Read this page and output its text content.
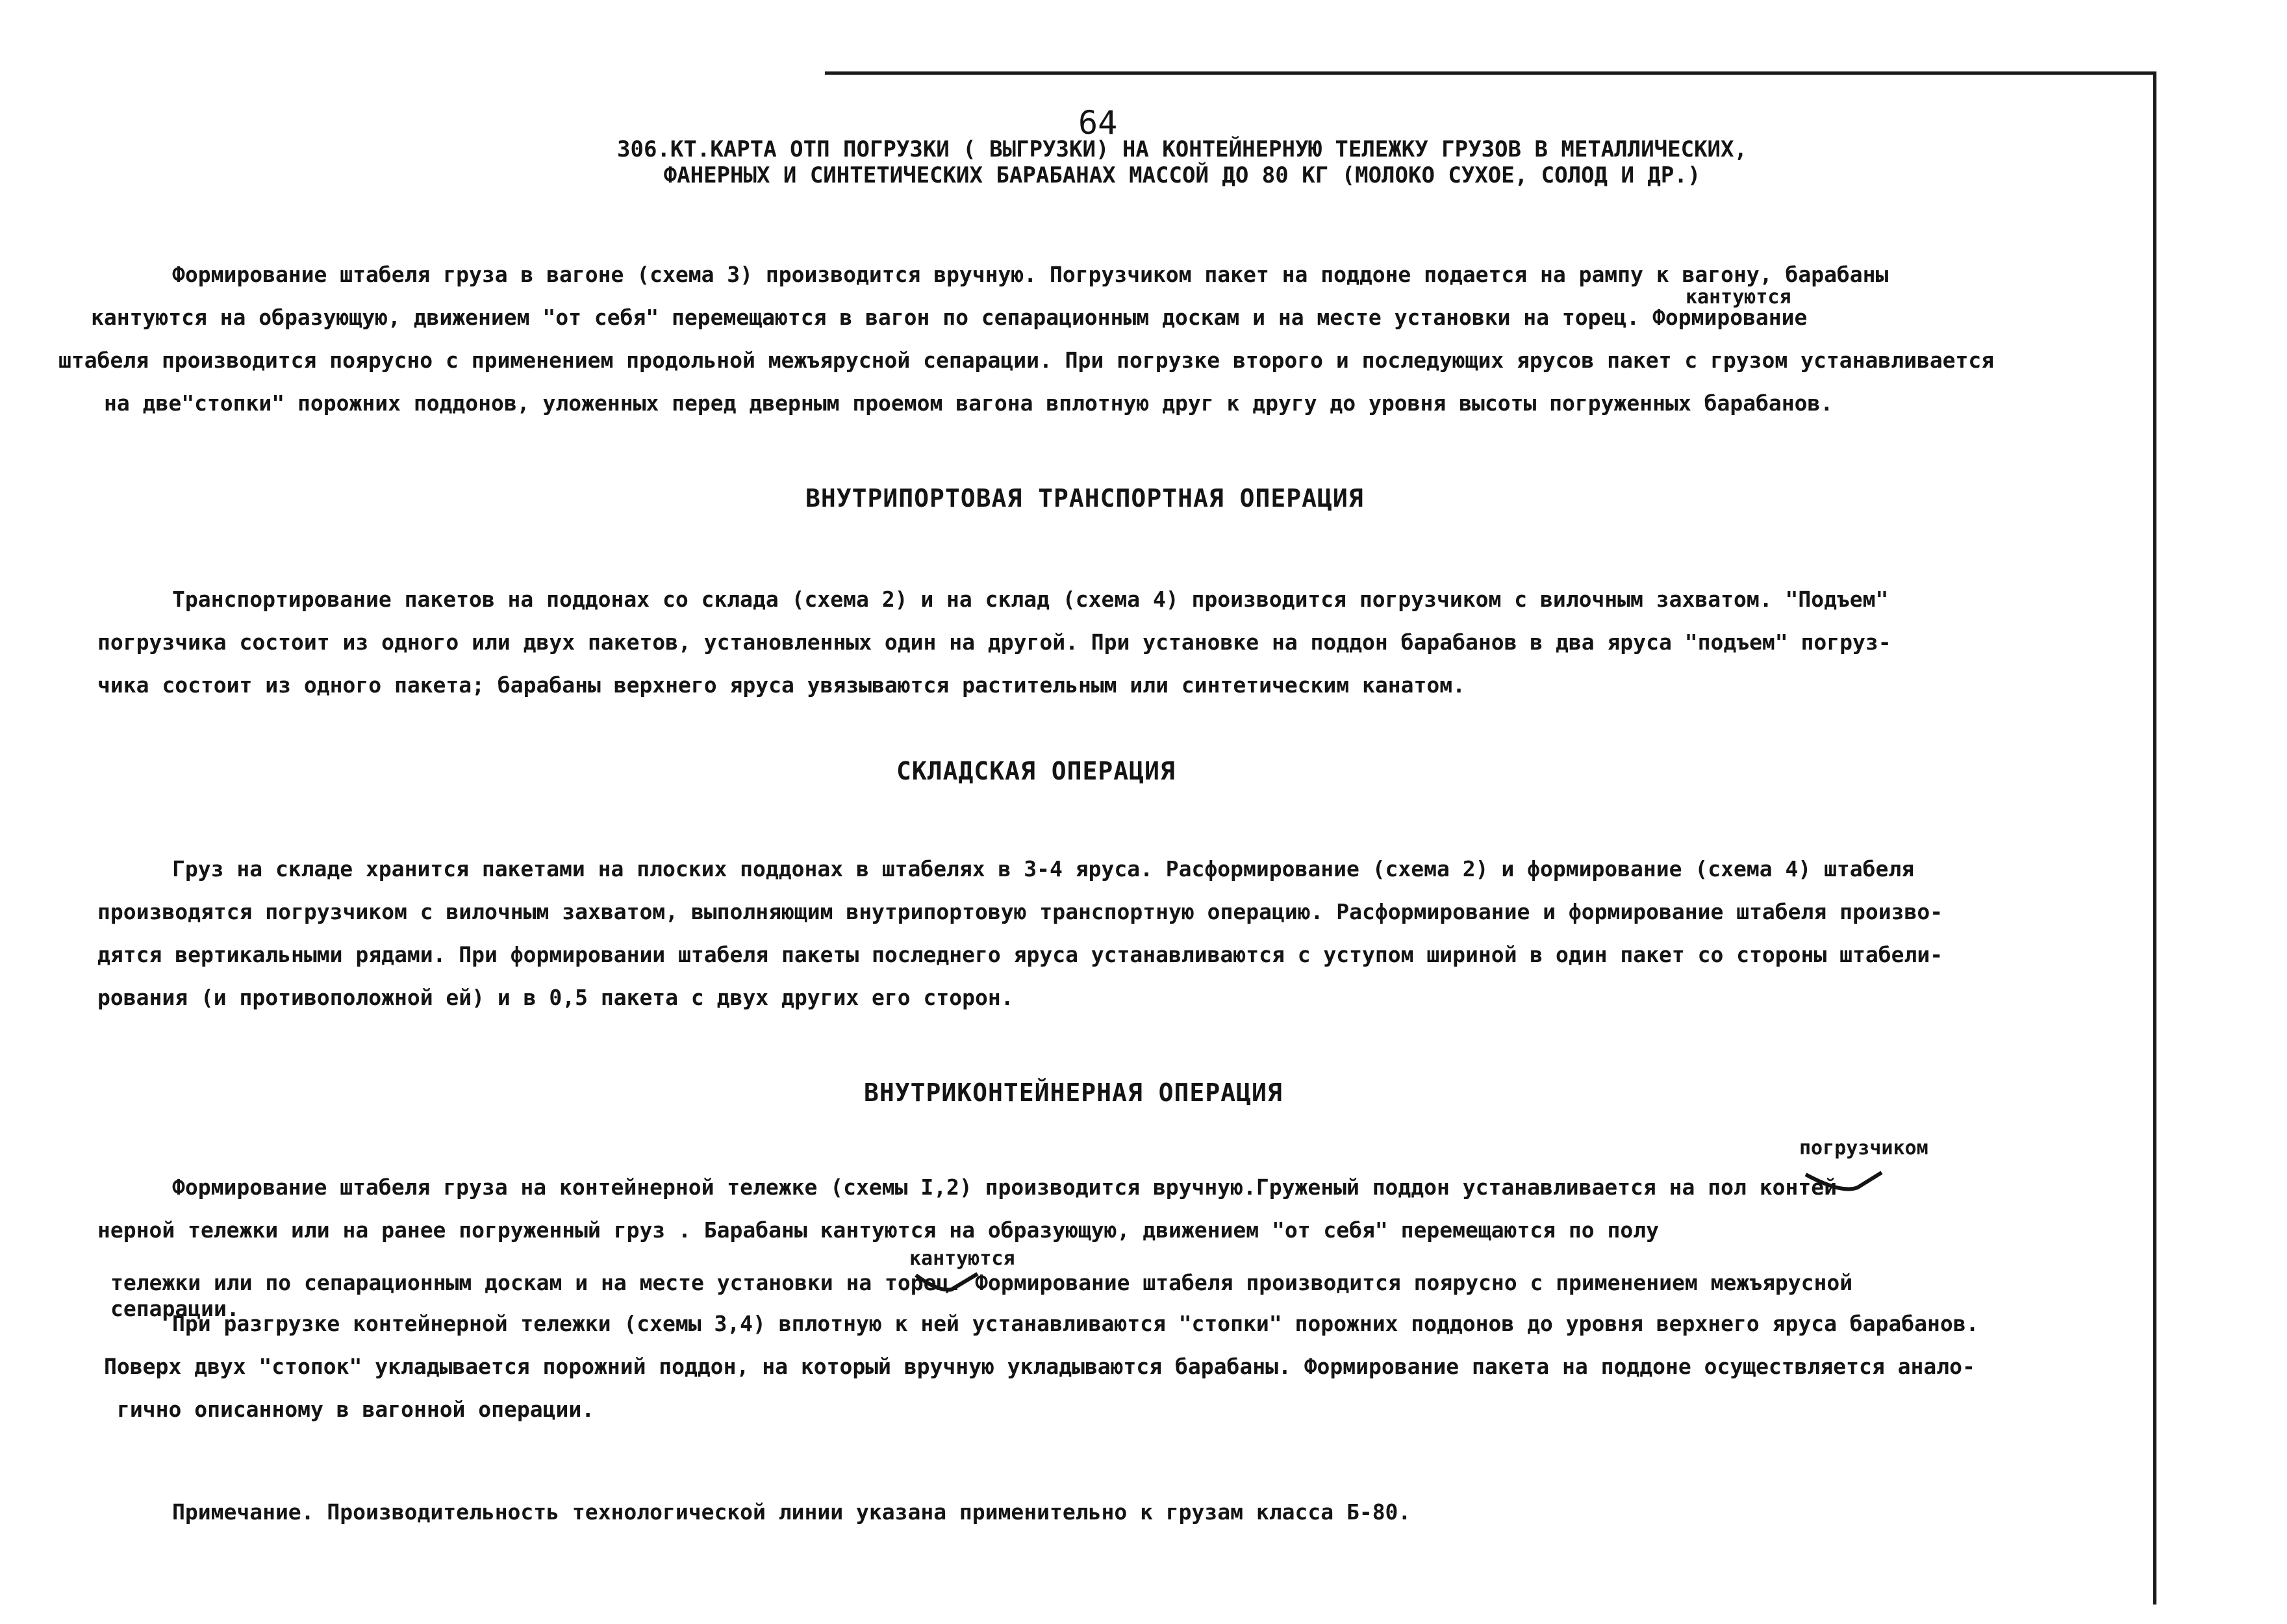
64
306.КТ.КАРТА ОТП ПОГРУЗКИ ( ВЫГРУЗКИ) НА КОНТЕЙНЕРНУЮ ТЕЛЕЖКУ ГРУЗОВ В МЕТАЛЛИЧЕСКИХ,
ФАНЕРНЫХ И СИНТЕТИЧЕСКИХ БАРАБАНАХ МАССОЙ ДО 80 КГ (МОЛОКО СУХОЕ, СОЛОД И ДР.)
кантуются
Формирование штабеля груза в вагоне (схема 3) производится вручную. Погрузчиком пакет на поддоне подается на рампу к вагону, барабаны
кантуются на образующую, движением "от себя" перемещаются в вагон по сепарационным доскам и на месте установки на торец. Формирование
штабеля производится поярусно с применением продольной межъярусной сепарации. При погрузке второго и последующих ярусов пакет с грузом устанавливается
на две"стопки" порожних поддонов, уложенных перед дверным проемом вагона вплотную друг к другу до уровня высоты погруженных барабанов.
ВНУТРИПОРТОВАЯ ТРАНСПОРТНАЯ ОПЕРАЦИЯ
Транспортирование пакетов на поддонах со склада (схема 2) и на склад (схема 4) производится погрузчиком с вилочным захватом. "Подъем"
погрузчика состоит из одного или двух пакетов, установленных один на другой. При установке на поддон барабанов в два яруса "подъем" погруз-
чика состоит из одного пакета; барабаны верхнего яруса увязываются растительным или синтетическим канатом.
СКЛАДСКАЯ ОПЕРАЦИЯ
Груз на складе хранится пакетами на плоских поддонах в штабелях в 3-4 яруса. Расформирование (схема 2) и формирование (схема 4) штабеля
производятся погрузчиком с вилочным захватом, выполняющим внутрипортовую транспортную операцию. Расформирование и формирование штабеля произво-
дятся вертикальными рядами. При формировании штабеля пакеты последнего яруса устанавливаются с уступом шириной в один пакет со стороны штабели-
рования (и противоположной ей) и в 0,5 пакета с двух других его сторон.
ВНУТРИКОНТЕЙНЕРНАЯ ОПЕРАЦИЯ
погрузчиком
кантуются
Формирование штабеля груза на контейнерной тележке (схемы I,2) производится вручную.Груженый поддон устанавливается на пол контей-
нерной тележки или на ранее погруженный груз . Барабаны кантуются на образующую, движением "от себя" перемещаются по полу
тележки или по сепарационным доскам и на месте установки на торец. Формирование штабеля производится поярусно с применением межъярусной
сепарации.
При разгрузке контейнерной тележки (схемы 3,4) вплотную к ней устанавливаются "стопки" порожних поддонов до уровня верхнего яруса барабанов.
Поверх двух "стопок" укладывается порожний поддон, на который вручную укладываются барабаны. Формирование пакета на поддоне осуществляется анало-
гично описанному в вагонной операции.
Примечание. Производительность технологической линии указана применительно к грузам класса Б-80.
